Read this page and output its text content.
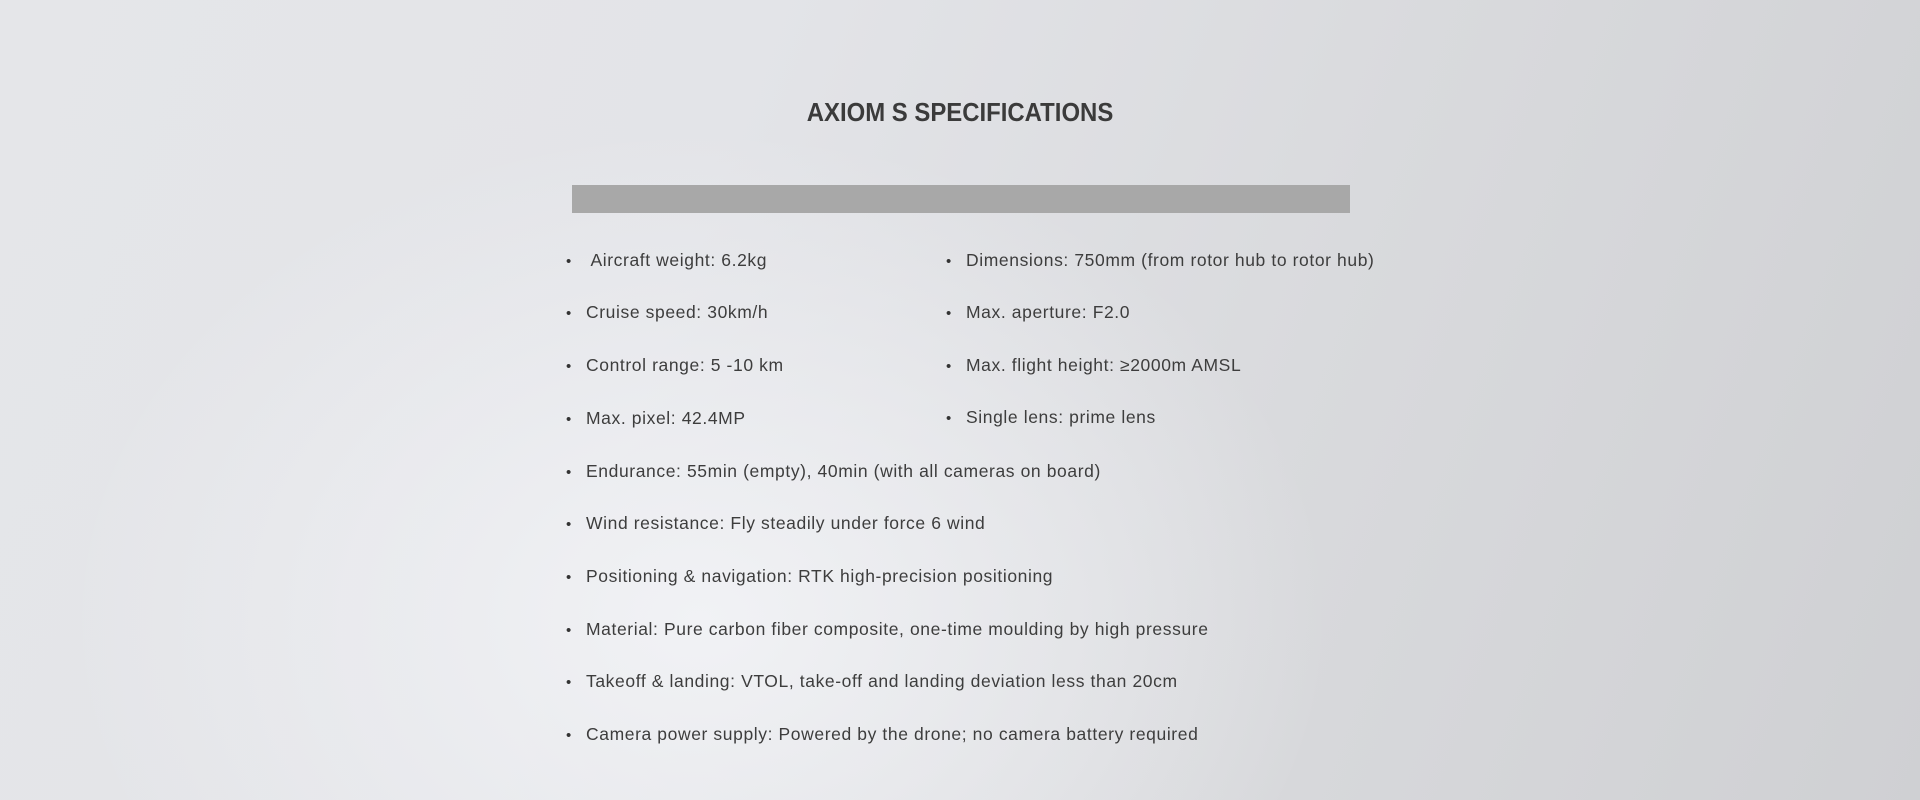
AXIOM S SPECIFICATIONS
• Aircraft weight: 6.2kg
• Cruise speed: 30km/h
• Control range: 5 -10 km
• Max. pixel: 42.4MP
• Dimensions: 750mm (from rotor hub to rotor hub)
• Max. aperture: F2.0
• Max. flight height: ≥2000m AMSL
• Single lens: prime lens
• Endurance: 55min (empty), 40min (with all cameras on board)
• Wind resistance: Fly steadily under force 6 wind
• Positioning & navigation: RTK high-precision positioning
• Material: Pure carbon fiber composite, one-time moulding by high pressure
• Takeoff & landing: VTOL, take-off and landing deviation less than 20cm
• Camera power supply: Powered by the drone; no camera battery required
